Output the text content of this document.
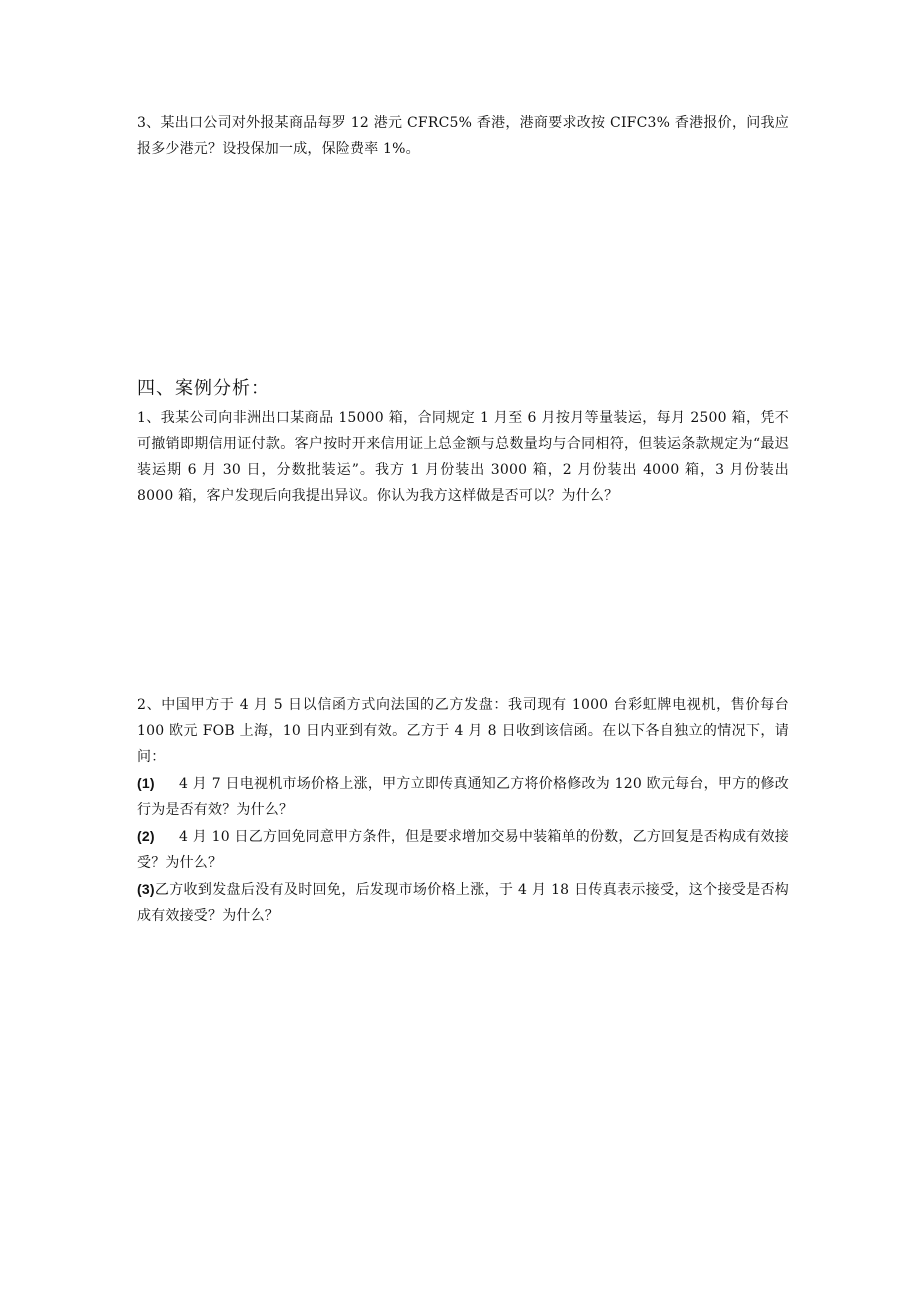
3、某出口公司对外报某商品每罗 12 港元 CFRC5% 香港，港商要求改按 CIFC3% 香港报价，问我应报多少港元？设投保加一成，保险费率 1%。

四、案例分析：

1、我某公司向非洲出口某商品 15000 箱，合同规定 1 月至 6 月按月等量装运，每月 2500 箱，凭不可撤销即期信用证付款。客户按时开来信用证上总金额与总数量均与合同相符，但装运条款规定为“最迟装运期 6 月 30 日，分数批装运”。我方 1 月份装出 3000 箱，2 月份装出 4000 箱，3 月份装出 8000 箱，客户发现后向我提出异议。你认为我方这样做是否可以？为什么？

2、中国甲方于 4 月 5 日以信函方式向法国的乙方发盘：我司现有 1000 台彩虹牌电视机，售价每台 100 欧元 FOB 上海，10 日内亚到有效。乙方于 4 月 8 日收到该信函。在以下各自独立的情况下，请问：

(1) 4 月 7 日电视机市场价格上涨，甲方立即传真通知乙方将价格修改为 120 欧元每台，甲方的修改行为是否有效？为什么？

(2) 4 月 10 日乙方回免同意甲方条件，但是要求增加交易中装箱单的份数，乙方回复是否构成有效接受？为什么？

(3)乙方收到发盘后没有及时回免，后发现市场价格上涨，于 4 月 18 日传真表示接受，这个接受是否构成有效接受？为什么？
